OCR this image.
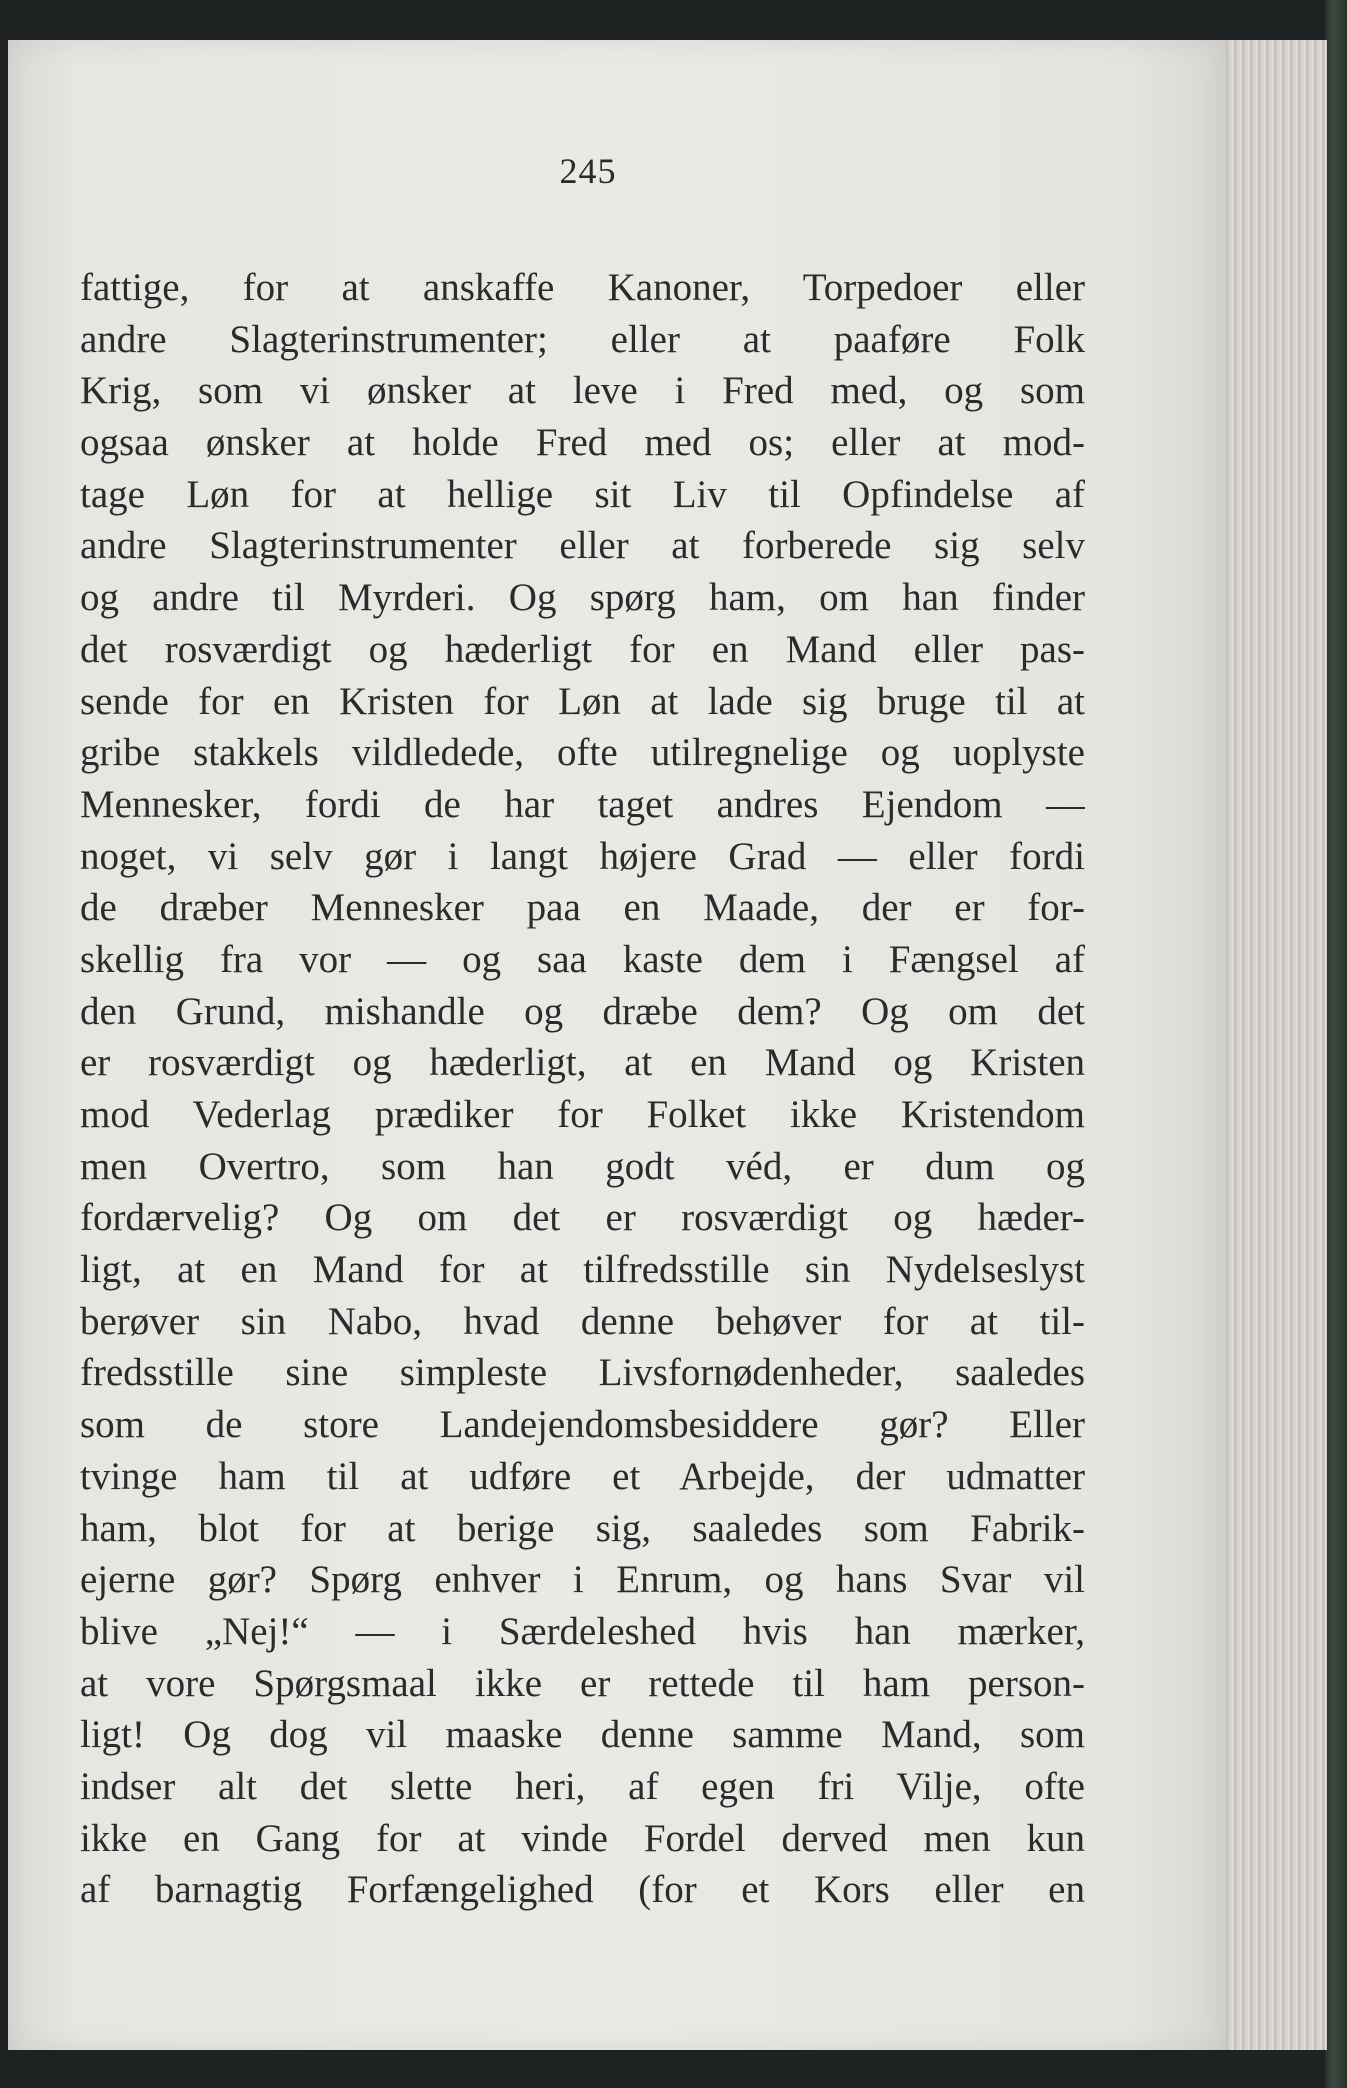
245
fattige, for at anskaffe Kanoner, Torpedoer eller
andre Slagterinstrumenter; eller at paaføre Folk
Krig, som vi ønsker at leve i Fred med, og som
ogsaa ønsker at holde Fred med os; eller at mod-
tage Løn for at hellige sit Liv til Opfindelse af
andre Slagterinstrumenter eller at forberede sig selv
og andre til Myrderi. Og spørg ham, om han finder
det rosværdigt og hæderligt for en Mand eller pas-
sende for en Kristen for Løn at lade sig bruge til at
gribe stakkels vildledede, ofte utilregnelige og uoplyste
Mennesker, fordi de har taget andres Ejendom —
noget, vi selv gør i langt højere Grad — eller fordi
de dræber Mennesker paa en Maade, der er for-
skellig fra vor — og saa kaste dem i Fængsel af
den Grund, mishandle og dræbe dem? Og om det
er rosværdigt og hæderligt, at en Mand og Kristen
mod Vederlag prædiker for Folket ikke Kristendom
men Overtro, som han godt véd, er dum og
fordærvelig? Og om det er rosværdigt og hæder-
ligt, at en Mand for at tilfredsstille sin Nydelseslyst
berøver sin Nabo, hvad denne behøver for at til-
fredsstille sine simpleste Livsfornødenheder, saaledes
som de store Landejendomsbesiddere gør? Eller
tvinge ham til at udføre et Arbejde, der udmatter
ham, blot for at berige sig, saaledes som Fabrik-
ejerne gør? Spørg enhver i Enrum, og hans Svar vil
blive „Nej!“ — i Særdeleshed hvis han mærker,
at vore Spørgsmaal ikke er rettede til ham person-
ligt! Og dog vil maaske denne samme Mand, som
indser alt det slette heri, af egen fri Vilje, ofte
ikke en Gang for at vinde Fordel derved men kun
af barnagtig Forfængelighed (for et Kors eller en
